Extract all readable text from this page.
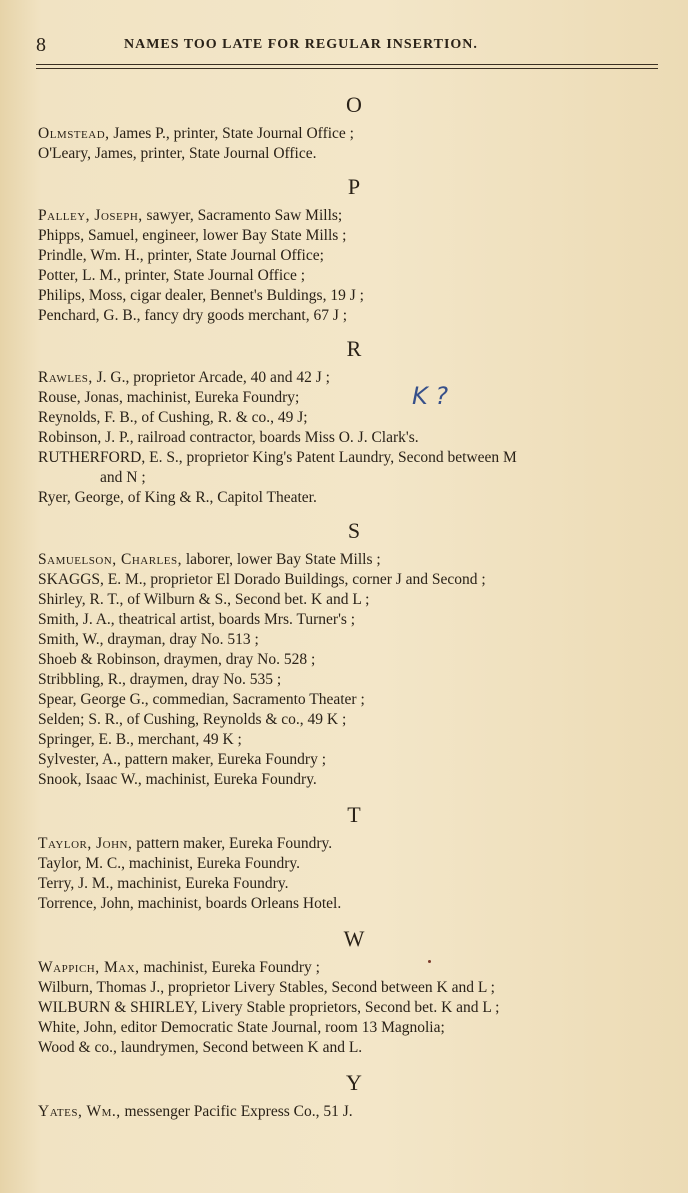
8	NAMES TOO LATE FOR REGULAR INSERTION.
O
Olmstead, James P., printer, State Journal Office ;
O'Leary, James, printer, State Journal Office.
P
Palley, Joseph, sawyer, Sacramento Saw Mills;
Phipps, Samuel, engineer, lower Bay State Mills ;
Prindle, Wm. H., printer, State Journal Office;
Potter, L. M., printer, State Journal Office ;
Philips, Moss, cigar dealer, Bennet's Buldings, 19 J ;
Penchard, G. B., fancy dry goods merchant, 67 J ;
R
Rawles, J. G., proprietor Arcade, 40 and 42 J ;
Rouse, Jonas, machinist, Eureka Foundry;
Reynolds, F. B., of Cushing, R. & co., 49 J;
Robinson, J. P., railroad contractor, boards Miss O. J. Clark's.
RUTHERFORD, E. S., proprietor King's Patent Laundry, Second between M
and N ;
Ryer, George, of King & R., Capitol Theater.
S
Samuelson, Charles, laborer, lower Bay State Mills ;
SKAGGS, E. M., proprietor El Dorado Buildings, corner J and Second ;
Shirley, R. T., of Wilburn & S., Second bet. K and L ;
Smith, J. A., theatrical artist, boards Mrs. Turner's ;
Smith, W., drayman, dray No. 513 ;
Shoeb & Robinson, draymen, dray No. 528 ;
Stribbling, R., draymen, dray No. 535 ;
Spear, George G., commedian, Sacramento Theater ;
Selden; S. R., of Cushing, Reynolds & co., 49 K ;
Springer, E. B., merchant, 49 K ;
Sylvester, A., pattern maker, Eureka Foundry ;
Snook, Isaac W., machinist, Eureka Foundry.
T
Taylor, John, pattern maker, Eureka Foundry.
Taylor, M. C., machinist, Eureka Foundry.
Terry, J. M., machinist, Eureka Foundry.
Torrence, John, machinist, boards Orleans Hotel.
W
Wappich, Max, machinist, Eureka Foundry ;
Wilburn, Thomas J., proprietor Livery Stables, Second between K and L ;
WILBURN & SHIRLEY, Livery Stable proprietors, Second bet. K and L ;
White, John, editor Democratic State Journal, room 13 Magnolia;
Wood & co., laundrymen, Second between K and L.
Y
Yates, Wm., messenger Pacific Express Co., 51 J.
K ?
